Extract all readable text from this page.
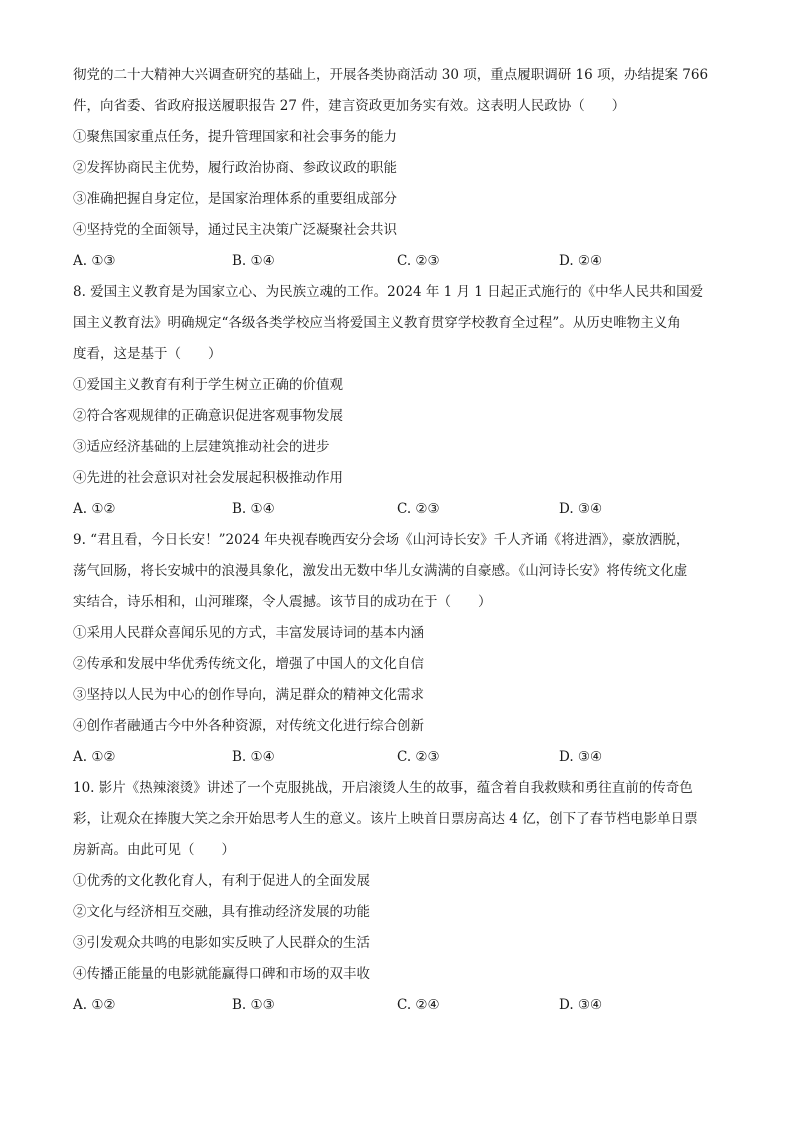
彻党的二十大精神大兴调查研究的基础上，开展各类协商活动 30 项，重点履职调研 16 项，办结提案 766
件，向省委、省政府报送履职报告 27 件，建言资政更加务实有效。这表明人民政协（　　）
①聚焦国家重点任务，提升管理国家和社会事务的能力
②发挥协商民主优势，履行政治协商、参政议政的职能
③准确把握自身定位，是国家治理体系的重要组成部分
④坚持党的全面领导，通过民主决策广泛凝聚社会共识
A. ①③	B. ①④	C. ②③	D. ②④
8. 爱国主义教育是为国家立心、为民族立魂的工作。2024 年 1 月 1 日起正式施行的《中华人民共和国爱
国主义教育法》明确规定“各级各类学校应当将爱国主义教育贯穿学校教育全过程”。从历史唯物主义角
度看，这是基于（　　）
①爱国主义教育有利于学生树立正确的价值观
②符合客观规律的正确意识促进客观事物发展
③适应经济基础的上层建筑推动社会的进步
④先进的社会意识对社会发展起积极推动作用
A. ①②	B. ①④	C. ②③	D. ③④
9. “君且看，今日长安！”2024 年央视春晚西安分会场《山河诗长安》千人齐诵《将进酒》，豪放洒脱，
荡气回肠，将长安城中的浪漫具象化，激发出无数中华儿女满满的自豪感。《山河诗长安》将传统文化虚
实结合，诗乐相和，山河璀璨，令人震撼。该节目的成功在于（　　）
①采用人民群众喜闻乐见的方式，丰富发展诗词的基本内涵
②传承和发展中华优秀传统文化，增强了中国人的文化自信
③坚持以人民为中心的创作导向，满足群众的精神文化需求
④创作者融通古今中外各种资源，对传统文化进行综合创新
A. ①②	B. ①④	C. ②③	D. ③④
10. 影片《热辣滚烫》讲述了一个克服挑战，开启滚烫人生的故事，蕴含着自我救赎和勇往直前的传奇色
彩，让观众在捧腹大笑之余开始思考人生的意义。该片上映首日票房高达 4 亿，创下了春节档电影单日票
房新高。由此可见（　　）
①优秀的文化教化育人，有利于促进人的全面发展
②文化与经济相互交融，具有推动经济发展的功能
③引发观众共鸣的电影如实反映了人民群众的生活
④传播正能量的电影就能赢得口碑和市场的双丰收
A. ①②	B. ①③	C. ②④	D. ③④
